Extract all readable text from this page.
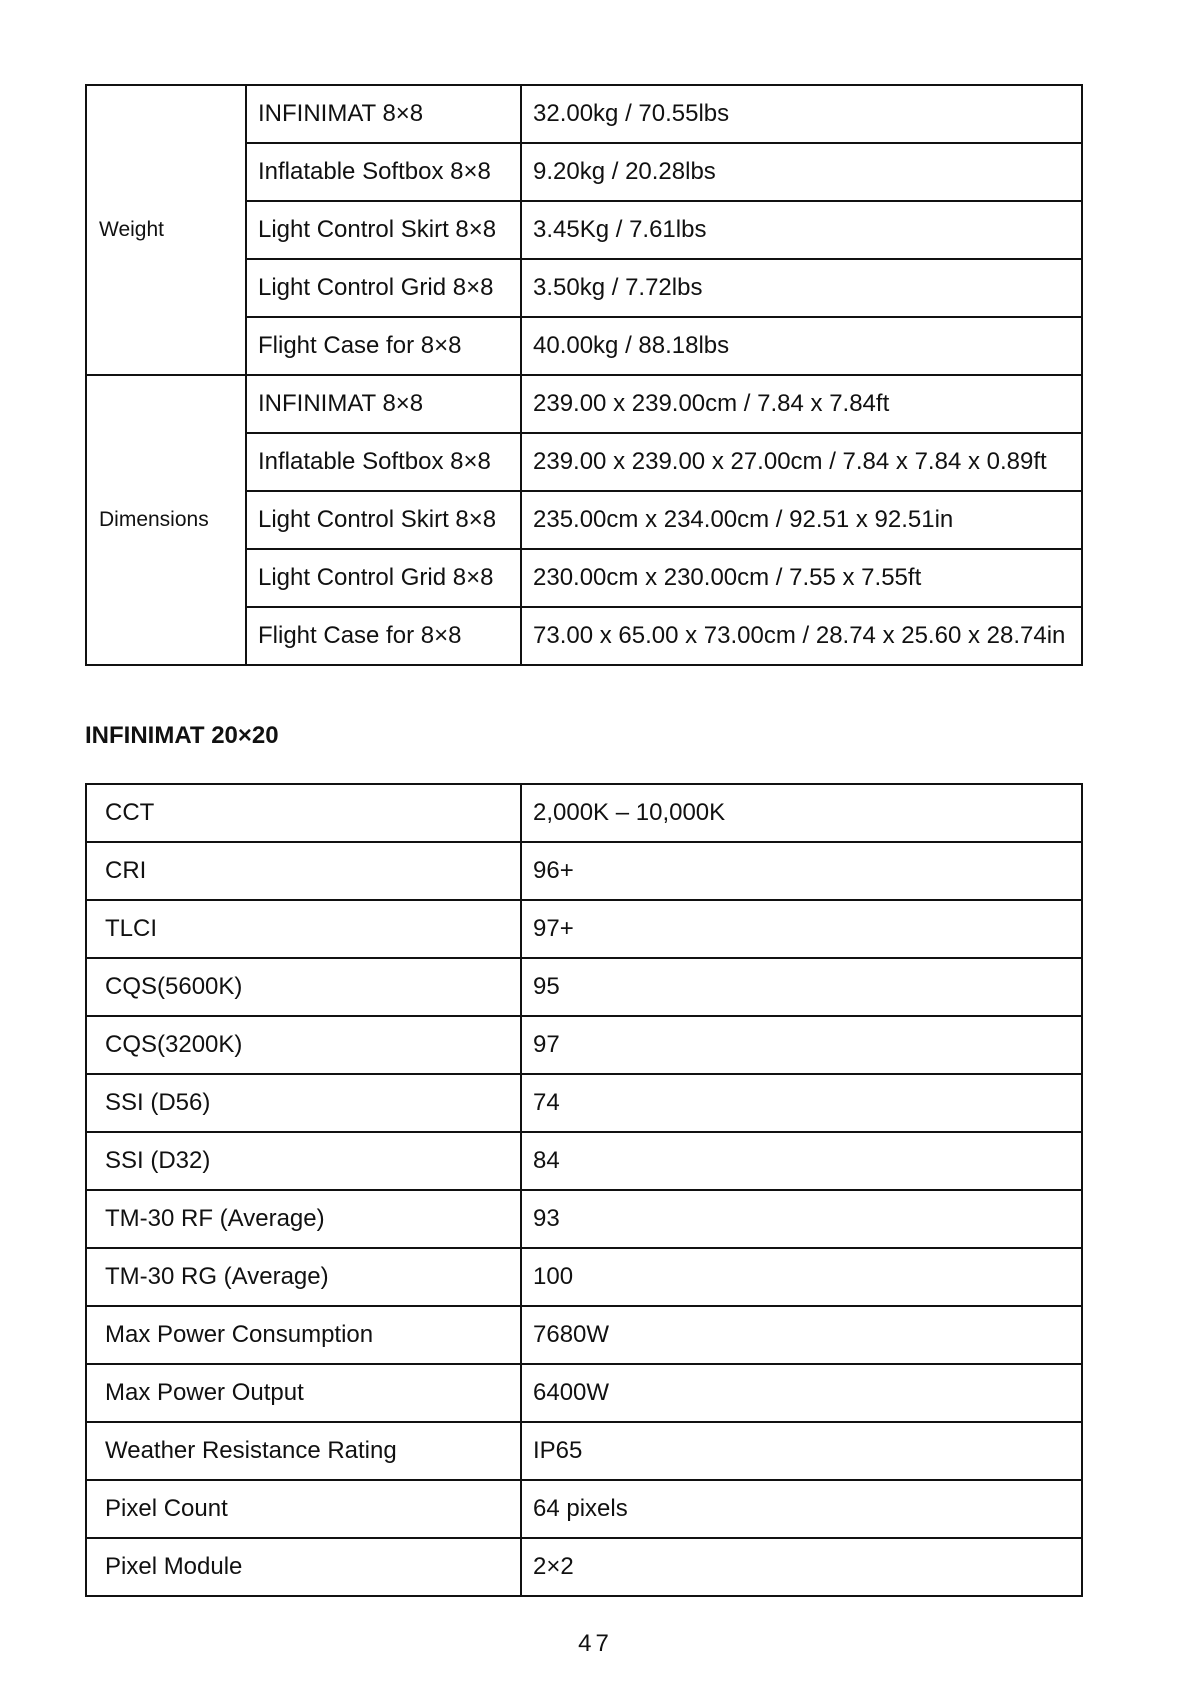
Weight	INFINIMAT 8×8	32.00kg / 70.55lbs
	Inflatable Softbox 8×8	9.20kg / 20.28lbs
	Light Control Skirt 8×8	3.45Kg / 7.61lbs
	Light Control Grid 8×8	3.50kg / 7.72lbs
	Flight Case for 8×8	40.00kg / 88.18lbs
Dimensions	INFINIMAT 8×8	239.00 x 239.00cm / 7.84 x 7.84ft
	Inflatable Softbox 8×8	239.00 x 239.00 x 27.00cm / 7.84 x 7.84 x 0.89ft
	Light Control Skirt 8×8	235.00cm x 234.00cm / 92.51 x 92.51in
	Light Control Grid 8×8	230.00cm x 230.00cm / 7.55 x 7.55ft
	Flight Case for 8×8	73.00 x 65.00 x 73.00cm / 28.74 x 25.60 x 28.74in
INFINIMAT 20×20
CCT	2,000K – 10,000K
CRI	96+
TLCI	97+
CQS(5600K)	95
CQS(3200K)	97
SSI (D56)	74
SSI (D32)	84
TM-30 RF (Average)	93
TM-30 RG (Average)	100
Max Power Consumption	7680W
Max Power Output	6400W
Weather Resistance Rating	IP65
Pixel Count	64 pixels
Pixel Module	2×2
47
